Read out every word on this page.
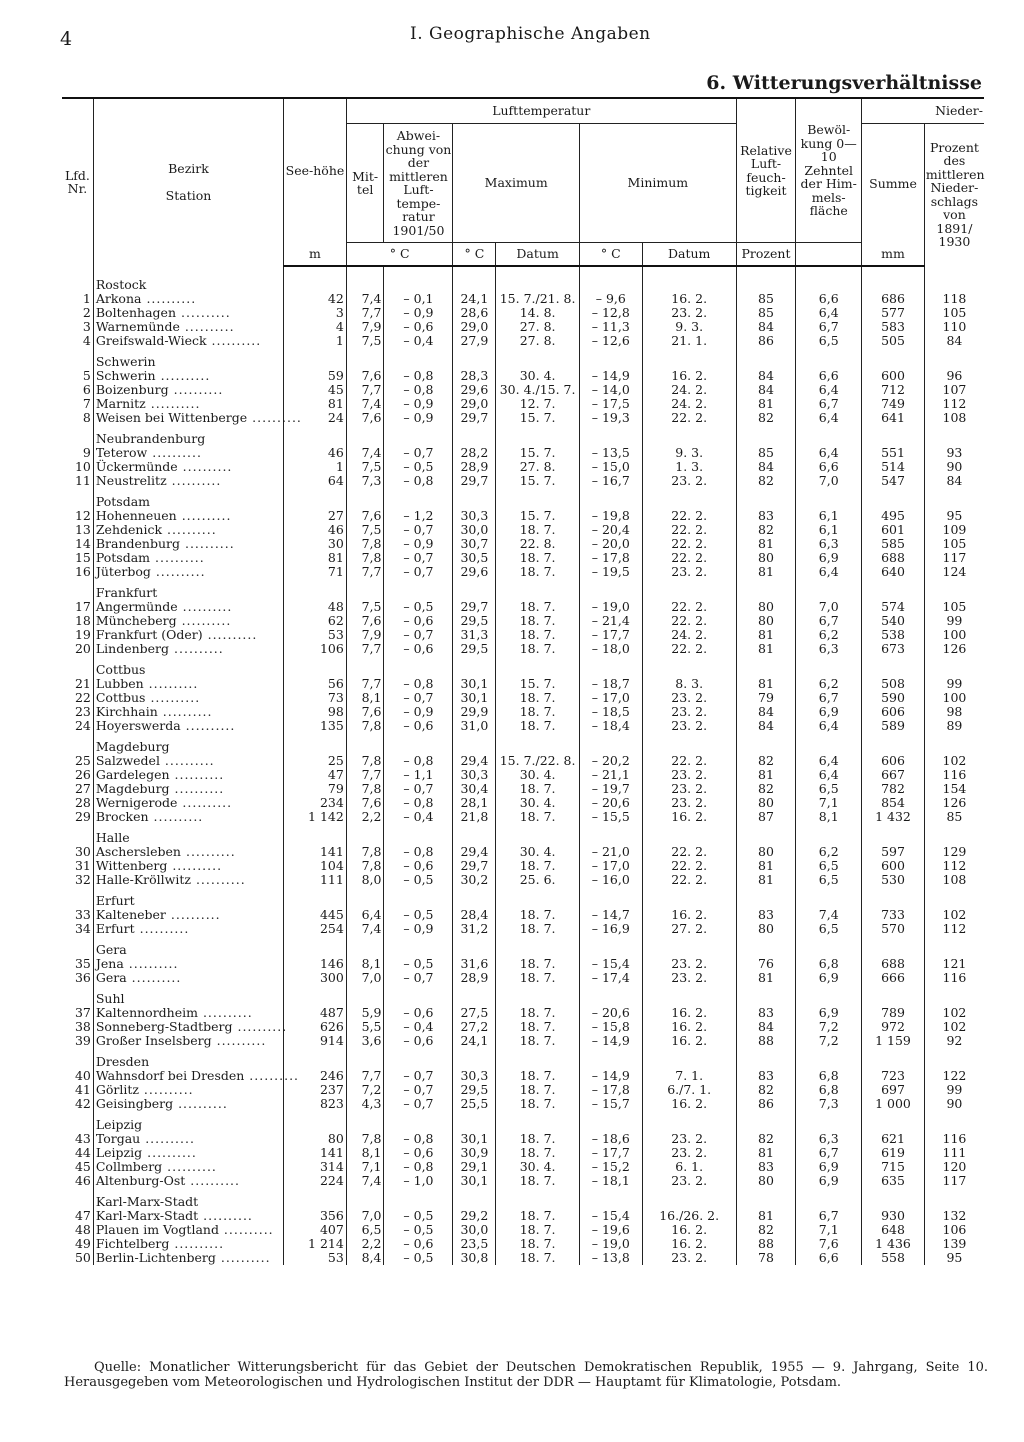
4	I. Geographische Angaben
6. Witterungsverhältnisse
Lfd. Nr.	Bezirk
Station	See-höhe	Lufttemperatur						Relative Luft-feuch-tigkeit	Bewöl-kung 0—10 Zehntel der Him-mels-fläche	Nieder-	
			Mit-tel	Abwei-chung von der mittleren Luft-tempe-ratur 1901/50	Maximum		Minimum				Summe	Prozent des mittleren Nieder-schlags von 1891/ 1930
		m	° C		° C	Datum	° C	Datum	Prozent		mm	
	Rostock											
1	Arkona ..........	42	7,4	– 0,1	24,1	15. 7./21. 8.	– 9,6	16. 2.	85	6,6	686	118
2	Boltenhagen ..........	3	7,7	– 0,9	28,6	14. 8.	– 12,8	23. 2.	85	6,4	577	105
3	Warnemünde ..........	4	7,9	– 0,6	29,0	27. 8.	– 11,3	9. 3.	84	6,7	583	110
4	Greifswald-Wieck ..........	1	7,5	– 0,4	27,9	27. 8.	– 12,6	21. 1.	86	6,5	505	84
	Schwerin											
5	Schwerin ..........	59	7,6	– 0,8	28,3	30. 4.	– 14,9	16. 2.	84	6,6	600	96
6	Boizenburg ..........	45	7,7	– 0,8	29,6	30. 4./15. 7.	– 14,0	24. 2.	84	6,4	712	107
7	Marnitz ..........	81	7,4	– 0,9	29,0	12. 7.	– 17,5	24. 2.	81	6,7	749	112
8	Weisen bei Wittenberge ..........	24	7,6	– 0,9	29,7	15. 7.	– 19,3	22. 2.	82	6,4	641	108
	Neubrandenburg											
9	Teterow ..........	46	7,4	– 0,7	28,2	15. 7.	– 13,5	9. 3.	85	6,4	551	93
10	Ückermünde ..........	1	7,5	– 0,5	28,9	27. 8.	– 15,0	1. 3.	84	6,6	514	90
11	Neustrelitz ..........	64	7,3	– 0,8	29,7	15. 7.	– 16,7	23. 2.	82	7,0	547	84
	Potsdam											
12	Hohenneuen ..........	27	7,6	– 1,2	30,3	15. 7.	– 19,8	22. 2.	83	6,1	495	95
13	Zehdenick ..........	46	7,5	– 0,7	30,0	18. 7.	– 20,4	22. 2.	82	6,1	601	109
14	Brandenburg ..........	30	7,8	– 0,9	30,7	22. 8.	– 20,0	22. 2.	81	6,3	585	105
15	Potsdam ..........	81	7,8	– 0,7	30,5	18. 7.	– 17,8	22. 2.	80	6,9	688	117
16	Jüterbog ..........	71	7,7	– 0,7	29,6	18. 7.	– 19,5	23. 2.	81	6,4	640	124
	Frankfurt											
17	Angermünde ..........	48	7,5	– 0,5	29,7	18. 7.	– 19,0	22. 2.	80	7,0	574	105
18	Müncheberg ..........	62	7,6	– 0,6	29,5	18. 7.	– 21,4	22. 2.	80	6,7	540	99
19	Frankfurt (Oder) ..........	53	7,9	– 0,7	31,3	18. 7.	– 17,7	24. 2.	81	6,2	538	100
20	Lindenberg ..........	106	7,7	– 0,6	29,5	18. 7.	– 18,0	22. 2.	81	6,3	673	126
	Cottbus											
21	Lubben ..........	56	7,7	– 0,8	30,1	15. 7.	– 18,7	8. 3.	81	6,2	508	99
22	Cottbus ..........	73	8,1	– 0,7	30,1	18. 7.	– 17,0	23. 2.	79	6,7	590	100
23	Kirchhain ..........	98	7,6	– 0,9	29,9	18. 7.	– 18,5	23. 2.	84	6,9	606	98
24	Hoyerswerda ..........	135	7,8	– 0,6	31,0	18. 7.	– 18,4	23. 2.	84	6,4	589	89
	Magdeburg											
25	Salzwedel ..........	25	7,8	– 0,8	29,4	15. 7./22. 8.	– 20,2	22. 2.	82	6,4	606	102
26	Gardelegen ..........	47	7,7	– 1,1	30,3	30. 4.	– 21,1	23. 2.	81	6,4	667	116
27	Magdeburg ..........	79	7,8	– 0,7	30,4	18. 7.	– 19,7	23. 2.	82	6,5	782	154
28	Wernigerode ..........	234	7,6	– 0,8	28,1	30. 4.	– 20,6	23. 2.	80	7,1	854	126
29	Brocken ..........	1 142	2,2	– 0,4	21,8	18. 7.	– 15,5	16. 2.	87	8,1	1 432	85
	Halle											
30	Aschersleben ..........	141	7,8	– 0,8	29,4	30. 4.	– 21,0	22. 2.	80	6,2	597	129
31	Wittenberg ..........	104	7,8	– 0,6	29,7	18. 7.	– 17,0	22. 2.	81	6,5	600	112
32	Halle-Kröllwitz ..........	111	8,0	– 0,5	30,2	25. 6.	– 16,0	22. 2.	81	6,5	530	108
	Erfurt											
33	Kalteneber ..........	445	6,4	– 0,5	28,4	18. 7.	– 14,7	16. 2.	83	7,4	733	102
34	Erfurt ..........	254	7,4	– 0,9	31,2	18. 7.	– 16,9	27. 2.	80	6,5	570	112
	Gera											
35	Jena ..........	146	8,1	– 0,5	31,6	18. 7.	– 15,4	23. 2.	76	6,8	688	121
36	Gera ..........	300	7,0	– 0,7	28,9	18. 7.	– 17,4	23. 2.	81	6,9	666	116
	Suhl											
37	Kaltennordheim ..........	487	5,9	– 0,6	27,5	18. 7.	– 20,6	16. 2.	83	6,9	789	102
38	Sonneberg-Stadtberg ..........	626	5,5	– 0,4	27,2	18. 7.	– 15,8	16. 2.	84	7,2	972	102
39	Großer Inselsberg ..........	914	3,6	– 0,6	24,1	18. 7.	– 14,9	16. 2.	88	7,2	1 159	92
	Dresden											
40	Wahnsdorf bei Dresden ..........	246	7,7	– 0,7	30,3	18. 7.	– 14,9	7. 1.	83	6,8	723	122
41	Görlitz ..........	237	7,2	– 0,7	29,5	18. 7.	– 17,8	6./7. 1.	82	6,8	697	99
42	Geisingberg ..........	823	4,3	– 0,7	25,5	18. 7.	– 15,7	16. 2.	86	7,3	1 000	90
	Leipzig											
43	Torgau ..........	80	7,8	– 0,8	30,1	18. 7.	– 18,6	23. 2.	82	6,3	621	116
44	Leipzig ..........	141	8,1	– 0,6	30,9	18. 7.	– 17,7	23. 2.	81	6,7	619	111
45	Collmberg ..........	314	7,1	– 0,8	29,1	30. 4.	– 15,2	6. 1.	83	6,9	715	120
46	Altenburg-Ost ..........	224	7,4	– 1,0	30,1	18. 7.	– 18,1	23. 2.	80	6,9	635	117
	Karl-Marx-Stadt											
47	Karl-Marx-Stadt ..........	356	7,0	– 0,5	29,2	18. 7.	– 15,4	16./26. 2.	81	6,7	930	132
48	Plauen im Vogtland ..........	407	6,5	– 0,5	30,0	18. 7.	– 19,6	16. 2.	82	7,1	648	106
49	Fichtelberg ..........	1 214	2,2	– 0,6	23,5	18. 7.	– 19,0	16. 2.	88	7,6	1 436	139
50	Berlin-Lichtenberg ..........	53	8,4	– 0,5	30,8	18. 7.	– 13,8	23. 2.	78	6,6	558	95
Quelle: Monatlicher Witterungsbericht für das Gebiet der Deutschen Demokratischen Republik, 1955 — 9. Jahrgang, Seite 10. Herausgegeben vom Meteorologischen und Hydrologischen Institut der DDR — Hauptamt für Klimatologie, Potsdam.
